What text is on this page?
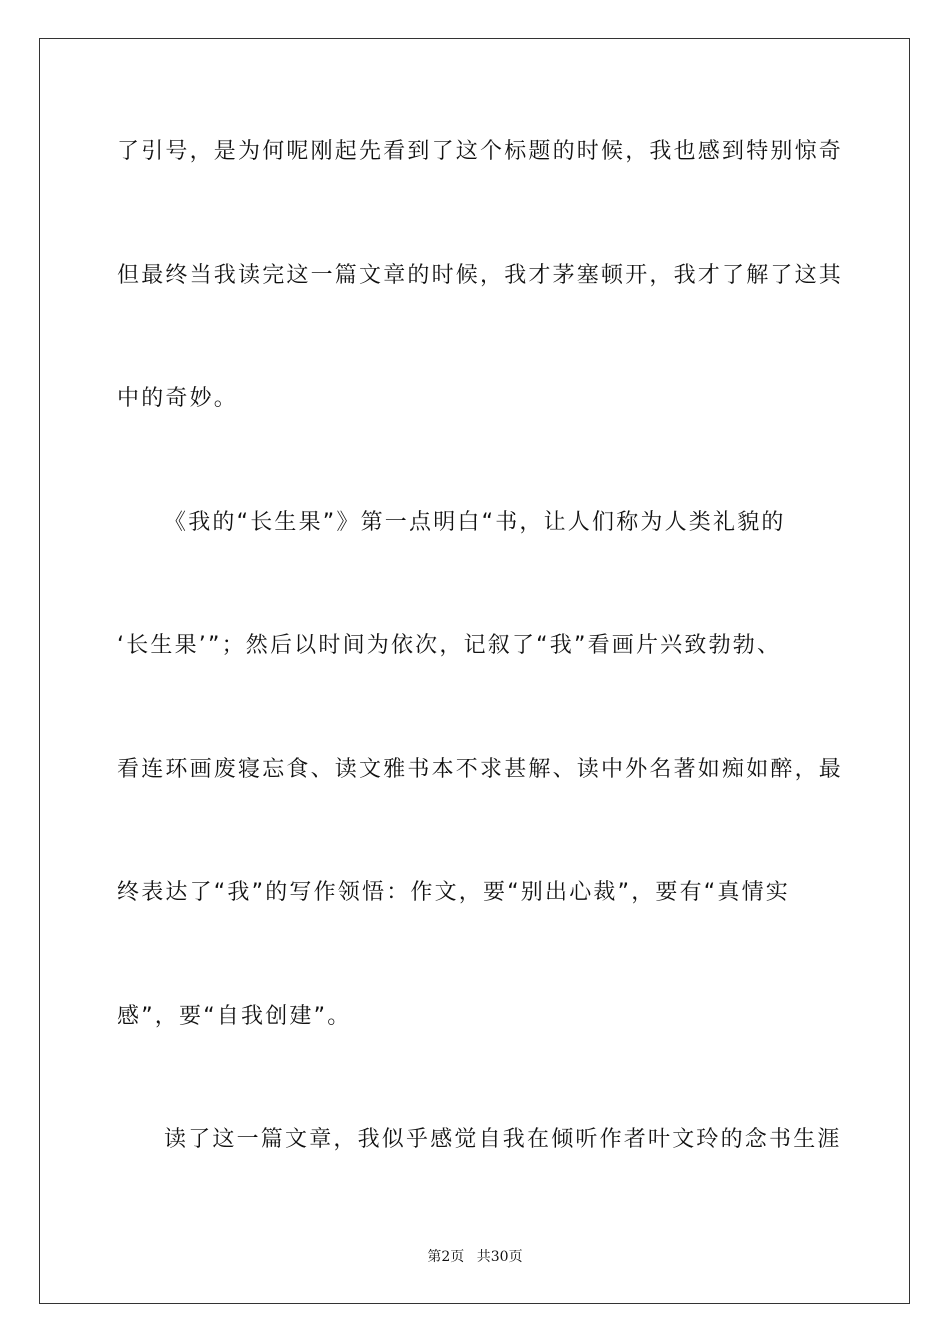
了引号，是为何呢刚起先看到了这个标题的时候，我也感到特别惊奇
但最终当我读完这一篇文章的时候，我才茅塞顿开，我才了解了这其
中的奇妙。
《我的“长生果”》第一点明白“书，让人们称为人类礼貌的
‘长生果’”；然后以时间为依次，记叙了“我”看画片兴致勃勃、
看连环画废寝忘食、读文雅书本不求甚解、读中外名著如痴如醉，最
终表达了“我”的写作领悟：作文，要“别出心裁”，要有“真情实
感”，要“自我创建”。
读了这一篇文章，我似乎感觉自我在倾听作者叶文玲的念书生涯
第2页 共30页
